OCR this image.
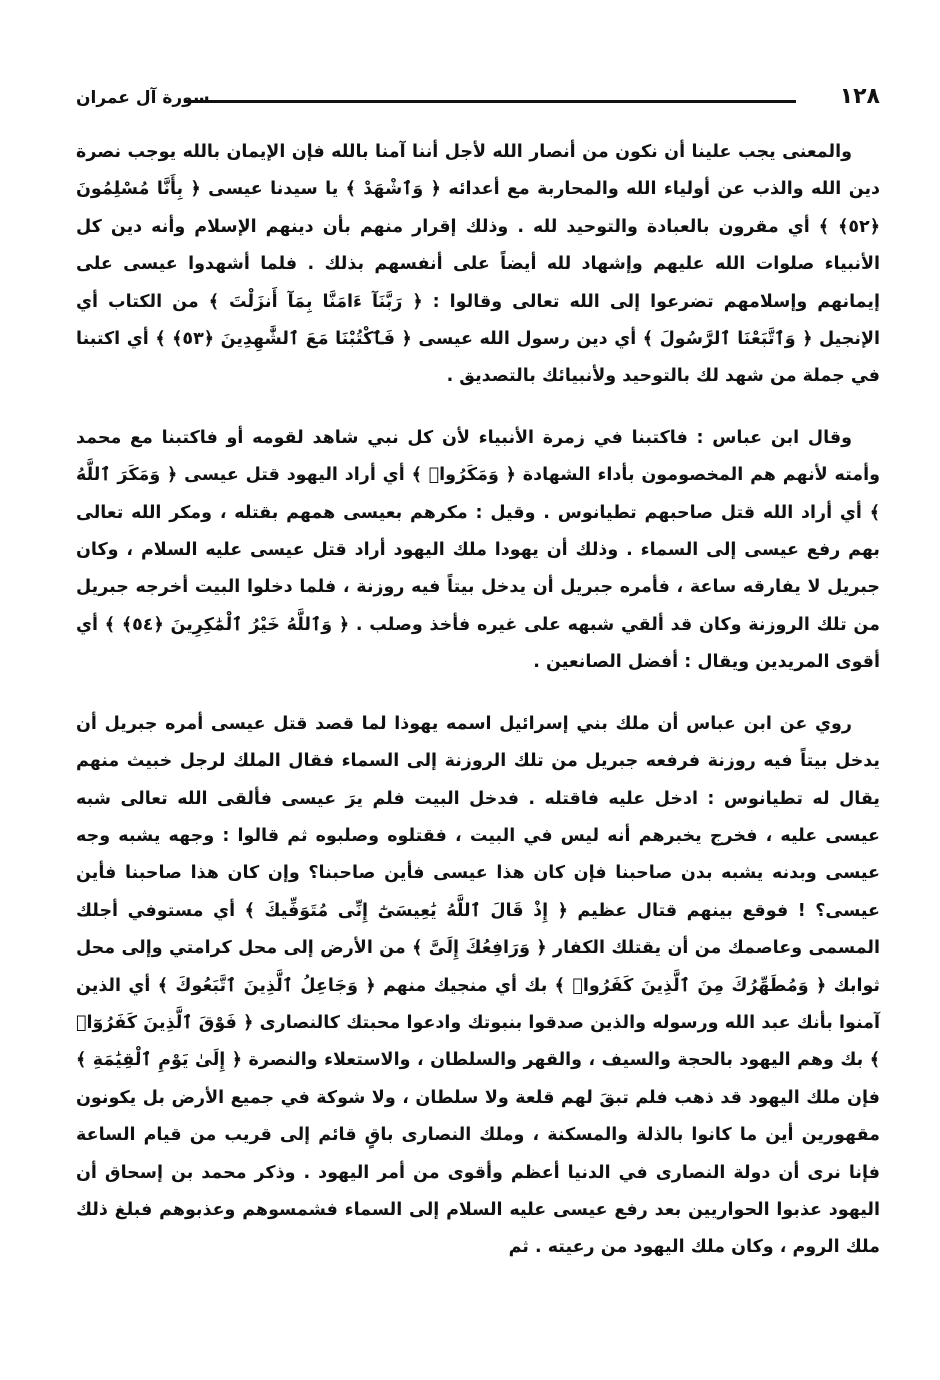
١٢٨
سورة آل عمران

والمعنى يجب علينا أن نكون من أنصار الله لأجل أننا آمنا بالله فإن الإيمان بالله يوجب نصرة دين الله والذب عن أولياء الله والمحاربة مع أعدائه ﴿ وَٱشْهَدْ ﴾ يا سيدنا عيسى ﴿ بِأَنَّا مُسْلِمُونَ ﴿٥٢﴾ ﴾ أي مقرون بالعبادة والتوحيد لله . وذلك إقرار منهم بأن دينهم الإسلام وأنه دين كل الأنبياء صلوات الله عليهم وإشهاد لله أيضاً على أنفسهم بذلك . فلما أشهدوا عيسى على إيمانهم وإسلامهم تضرعوا إلى الله تعالى وقالوا : ﴿ رَبَّنَآ ءَامَنَّا بِمَآ أَنزَلْتَ ﴾ من الكتاب أي الإنجيل ﴿ وَٱتَّبَعْنَا ٱلرَّسُولَ ﴾ أي دين رسول الله عيسى ﴿ فَٱكْتُبْنَا مَعَ ٱلشَّٰهِدِينَ ﴿٥٣﴾ ﴾ أي اكتبنا في جملة من شهد لك بالتوحيد ولأنبيائك بالتصديق .

وقال ابن عباس : فاكتبنا في زمرة الأنبياء لأن كل نبي شاهد لقومه أو فاكتبنا مع محمد وأمته لأنهم هم المخصومون بأداء الشهادة ﴿ وَمَكَرُوا۟ ﴾ أي أراد اليهود قتل عيسى ﴿ وَمَكَرَ ٱللَّهُ ﴾ أي أراد الله قتل صاحبهم تطيانوس . وقيل : مكرهم بعيسى همهم بقتله ، ومكر الله تعالى بهم رفع عيسى إلى السماء . وذلك أن يهودا ملك اليهود أراد قتل عيسى عليه السلام ، وكان جبريل لا يفارقه ساعة ، فأمره جبريل أن يدخل بيتاً فيه روزنة ، فلما دخلوا البيت أخرجه جبريل من تلك الروزنة وكان قد ألقي شبهه على غيره فأخذ وصلب . ﴿ وَٱللَّهُ خَيْرُ ٱلْمَٰكِرِينَ ﴿٥٤﴾ ﴾ أي أقوى المريدين ويقال : أفضل الصانعين .

روي عن ابن عباس أن ملك بني إسرائيل اسمه يهوذا لما قصد قتل عيسى أمره جبريل أن يدخل بيتاً فيه روزنة فرفعه جبريل من تلك الروزنة إلى السماء فقال الملك لرجل خبيث منهم يقال له تطيانوس : ادخل عليه فاقتله . فدخل البيت فلم يرَ عيسى فألقى الله تعالى شبه عيسى عليه ، فخرج يخبرهم أنه ليس في البيت ، فقتلوه وصلبوه ثم قالوا : وجهه يشبه وجه عيسى وبدنه يشبه بدن صاحبنا فإن كان هذا عيسى فأين صاحبنا؟ وإن كان هذا صاحبنا فأين عيسى؟ ! فوقع بينهم قتال عظيم ﴿ إِذْ قَالَ ٱللَّهُ يَٰعِيسَىٰٓ إِنِّى مُتَوَفِّيكَ ﴾ أي مستوفي أجلك المسمى وعاصمك من أن يقتلك الكفار ﴿ وَرَافِعُكَ إِلَىَّ ﴾ من الأرض إلى محل كرامتي وإلى محل ثوابك ﴿ وَمُطَهِّرُكَ مِنَ ٱلَّذِينَ كَفَرُوا۟ ﴾ بك أي منجيك منهم ﴿ وَجَاعِلُ ٱلَّذِينَ ٱتَّبَعُوكَ ﴾ أي الذين آمنوا بأنك عبد الله ورسوله والذين صدقوا بنبوتك وادعوا محبتك كالنصارى ﴿ فَوْقَ ٱلَّذِينَ كَفَرُوٓا۟ ﴾ بك وهم اليهود بالحجة والسيف ، والقهر والسلطان ، والاستعلاء والنصرة ﴿ إِلَىٰ يَوْمِ ٱلْقِيَٰمَةِ ﴾ فإن ملك اليهود قد ذهب فلم تبقَ لهم قلعة ولا سلطان ، ولا شوكة في جميع الأرض بل يكونون مقهورين أين ما كانوا بالذلة والمسكنة ، وملك النصارى باقٍ قائم إلى قريب من قيام الساعة فإنا نرى أن دولة النصارى في الدنيا أعظم وأقوى من أمر اليهود . وذكر محمد بن إسحاق أن اليهود عذبوا الحواريين بعد رفع عيسى عليه السلام إلى السماء فشمسوهم وعذبوهم فبلغ ذلك ملك الروم ، وكان ملك اليهود من رعيته . ثم
